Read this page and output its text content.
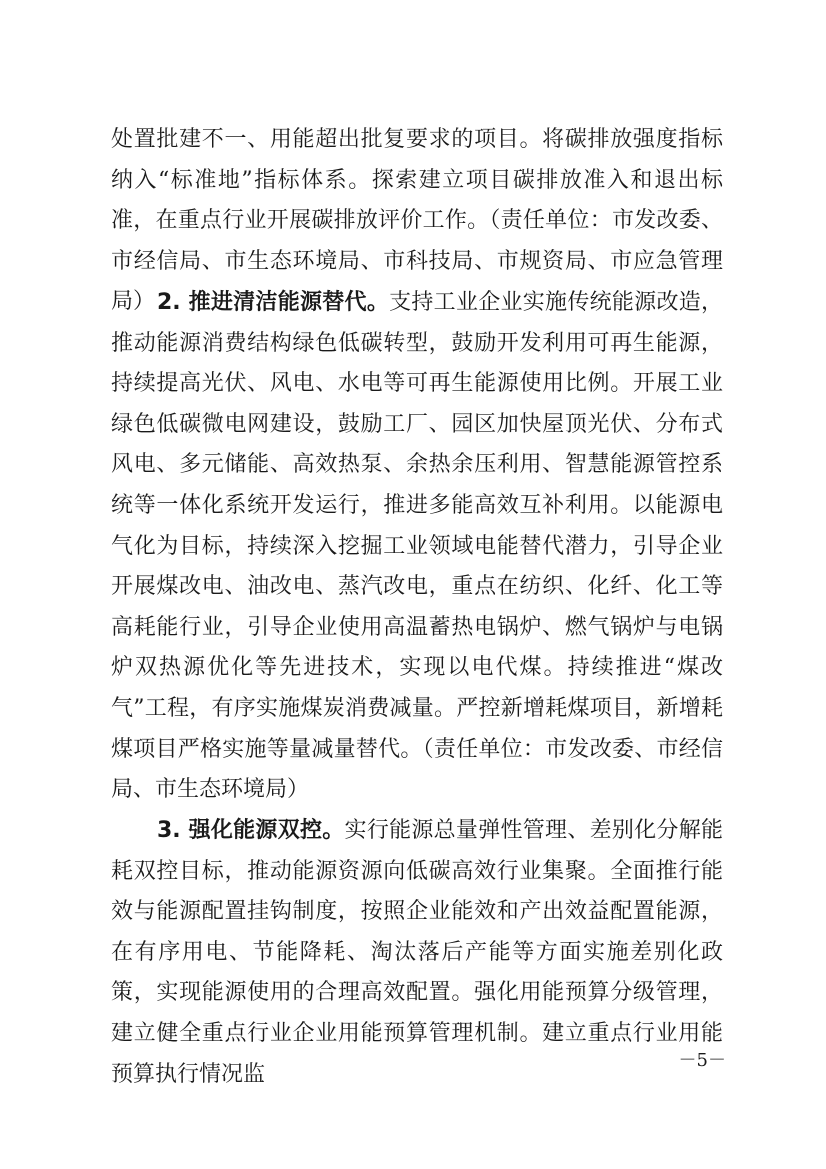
处置批建不一、用能超出批复要求的项目。将碳排放强度指标纳入“标准地”指标体系。探索建立项目碳排放准入和退出标准，在重点行业开展碳排放评价工作。（责任单位：市发改委、市经信局、市生态环境局、市科技局、市规资局、市应急管理局） 2. 推进清洁能源替代。支持工业企业实施传统能源改造，推动能源消费结构绿色低碳转型，鼓励开发利用可再生能源，持续提高光伏、风电、水电等可再生能源使用比例。开展工业绿色低碳微电网建设，鼓励工厂、园区加快屋顶光伏、分布式风电、多元储能、高效热泵、余热余压利用、智慧能源管控系统等一体化系统开发运行，推进多能高效互补利用。以能源电气化为目标，持续深入挖掘工业领域电能替代潜力，引导企业开展煤改电、油改电、蒸汽改电，重点在纺织、化纤、化工等高耗能行业，引导企业使用高温蓄热电锅炉、燃气锅炉与电锅炉双热源优化等先进技术，实现以电代煤。持续推进“煤改气”工程，有序实施煤炭消费减量。严控新增耗煤项目，新增耗煤项目严格实施等量减量替代。（责任单位：市发改委、市经信局、市生态环境局）

3. 强化能源双控。实行能源总量弹性管理、差别化分解能耗双控目标，推动能源资源向低碳高效行业集聚。全面推行能效与能源配置挂钩制度，按照企业能效和产出效益配置能源，在有序用电、节能降耗、淘汰落后产能等方面实施差别化政策，实现能源使用的合理高效配置。强化用能预算分级管理，建立健全重点行业企业用能预算管理机制。建立重点行业用能预算执行情况监

－5－
